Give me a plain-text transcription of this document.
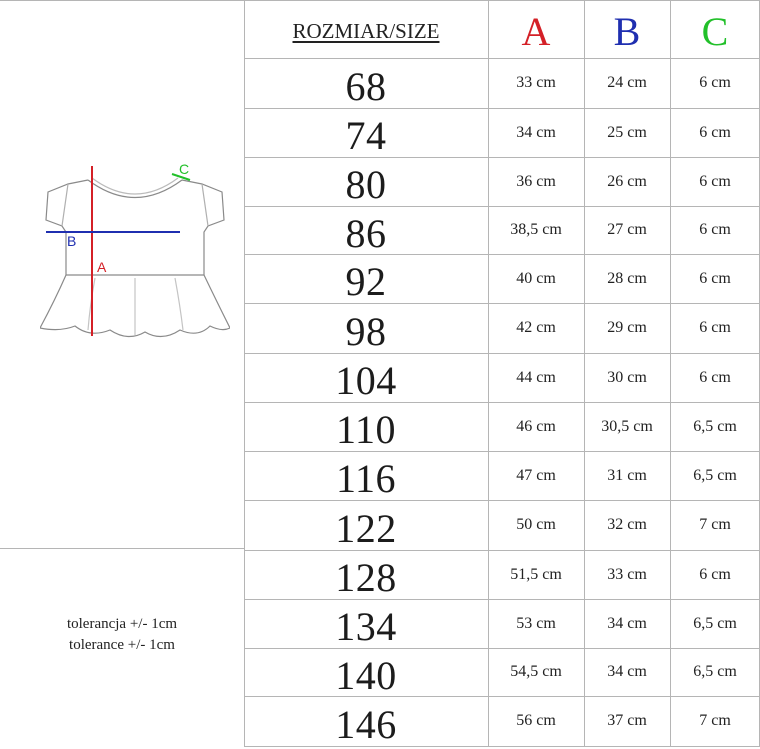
ROZMIAR/SIZE	A	B	C
68	33 cm	24 cm	6 cm
74	34 cm	25 cm	6 cm
80	36 cm	26 cm	6 cm
86	38,5 cm	27 cm	6 cm
92	40 cm	28 cm	6 cm
98	42 cm	29 cm	6 cm
104	44 cm	30 cm	6 cm
110	46 cm	30,5 cm	6,5 cm
116	47 cm	31 cm	6,5 cm
122	50 cm	32 cm	7 cm
128	51,5 cm	33 cm	6 cm
134	53 cm	34 cm	6,5 cm
140	54,5 cm	34 cm	6,5 cm
146	56 cm	37 cm	7 cm
A
B
C
tolerancja +/- 1cm
tolerance +/- 1cm
